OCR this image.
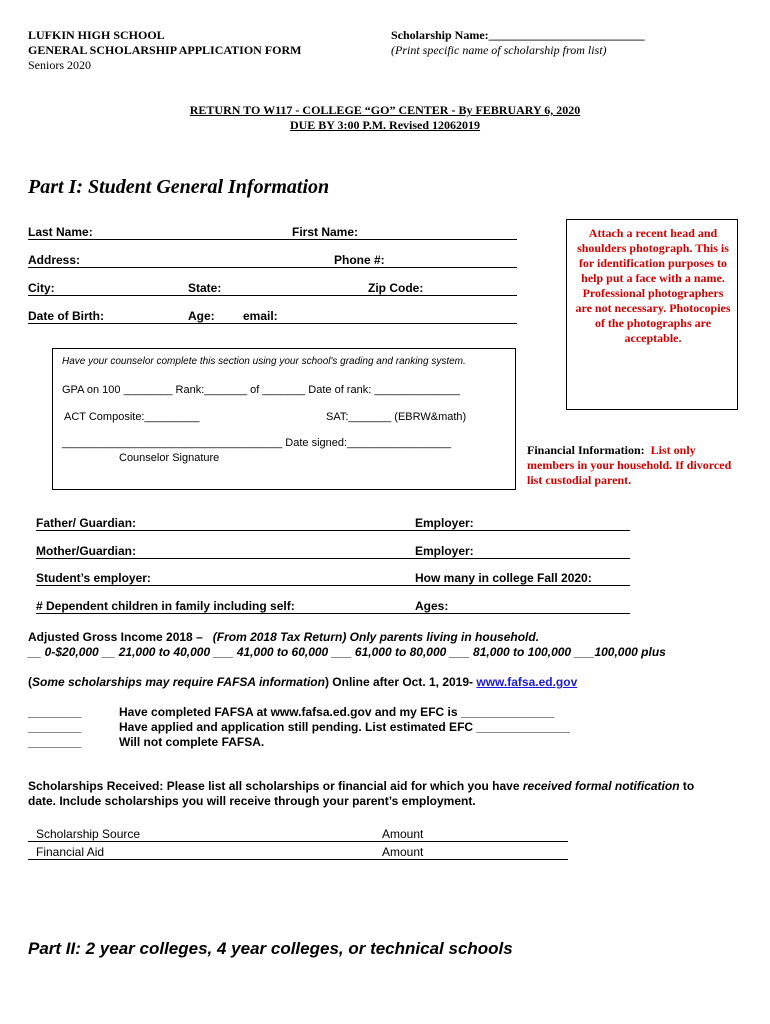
LUFKIN HIGH SCHOOL
GENERAL SCHOLARSHIP APPLICATION FORM
Seniors 2020
Scholarship Name:__________________________
(Print specific name of scholarship from list)
RETURN TO W117 - COLLEGE “GO” CENTER - By FEBRUARY 6, 2020
DUE BY 3:00 P.M. Revised 12062019
Part I: Student General Information
Last Name:	First Name:
Address:	Phone #:
City:	State:	Zip Code:
Date of Birth:	Age: email:
Attach a recent head and shoulders photograph. This is for identification purposes to help put a face with a name. Professional photographers are not necessary. Photocopies of the photographs are acceptable.
Have your counselor complete this section using your school's grading and ranking system.
GPA on 100 ________ Rank:_______ of _______ Date of rank: ______________
ACT Composite:_________	SAT:_______ (EBRW&math)
____________________________________ Date signed:_________________
Counselor Signature
Financial Information: List only members in your household. If divorced list custodial parent.
Father/ Guardian:	Employer:
Mother/Guardian:	Employer:
Student’s employer:	How many in college Fall 2020:
# Dependent children in family including self:	Ages:
Adjusted Gross Income 2018 – (From 2018 Tax Return) Only parents living in household.
__ 0-$20,000 __ 21,000 to 40,000 ___ 41,000 to 60,000 ___ 61,000 to 80,000 ___ 81,000 to 100,000 ___100,000 plus
(Some scholarships may require FAFSA information) Online after Oct. 1, 2019- www.fafsa.ed.gov
________	Have completed FAFSA at www.fafsa.ed.gov and my EFC is ______________
________	Have applied and application still pending. List estimated EFC ______________
________	Will not complete FAFSA.
Scholarships Received: Please list all scholarships or financial aid for which you have received formal notification to
date. Include scholarships you will receive through your parent’s employment.
Scholarship Source	Amount
Financial Aid	Amount
Part II: 2 year colleges, 4 year colleges, or technical schools
